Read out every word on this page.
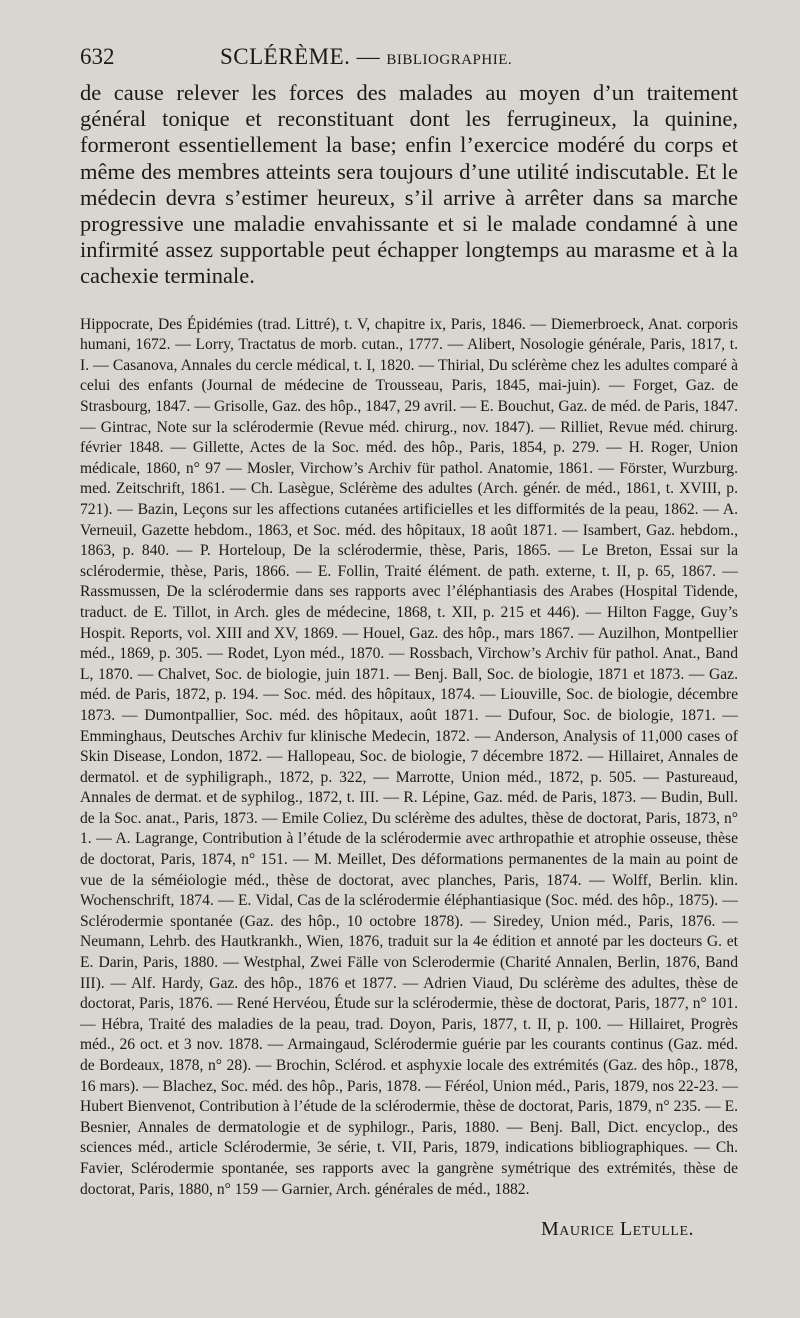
632	SCLÉRÈME. — BIBLIOGRAPHIE.

de cause relever les forces des malades au moyen d’un traitement général tonique et reconstituant dont les ferrugineux, la quinine, formeront essentiellement la base; enfin l’exercice modéré du corps et même des membres atteints sera toujours d’une utilité indiscutable. Et le médecin devra s’estimer heureux, s’il arrive à arrêter dans sa marche progressive une maladie envahissante et si le malade condamné à une infirmité assez supportable peut échapper longtemps au marasme et à la cachexie terminale.

Hippocrate, Des Épidémies (trad. Littré), t. V, chapitre ix, Paris, 1846. — Diemerbroeck, Anat. corporis humani, 1672. — Lorry, Tractatus de morb. cutan., 1777. — Alibert, Nosologie générale, Paris, 1817, t. I. — Casanova, Annales du cercle médical, t. I, 1820. — Thirial, Du sclérème chez les adultes comparé à celui des enfants (Journal de médecine de Trousseau, Paris, 1845, mai-juin). — Forget, Gaz. de Strasbourg, 1847. — Grisolle, Gaz. des hôp., 1847, 29 avril. — E. Bouchut, Gaz. de méd. de Paris, 1847. — Gintrac, Note sur la sclérodermie (Revue méd. chirurg., nov. 1847). — Rilliet, Revue méd. chirurg. février 1848. — Gillette, Actes de la Soc. méd. des hôp., Paris, 1854, p. 279. — H. Roger, Union médicale, 1860, n° 97 — Mosler, Virchow’s Archiv für pathol. Anatomie, 1861. — Förster, Wurzburg. med. Zeitschrift, 1861. — Ch. Lasègue, Sclérème des adultes (Arch. génér. de méd., 1861, t. XVIII, p. 721). — Bazin, Leçons sur les affections cutanées artificielles et les difformités de la peau, 1862. — A. Verneuil, Gazette hebdom., 1863, et Soc. méd. des hôpitaux, 18 août 1871. — Isambert, Gaz. hebdom., 1863, p. 840. — P. Horteloup, De la sclérodermie, thèse, Paris, 1865. — Le Breton, Essai sur la sclérodermie, thèse, Paris, 1866. — E. Follin, Traité élément. de path. externe, t. II, p. 65, 1867. — Rassmussen, De la sclérodermie dans ses rapports avec l’éléphantiasis des Arabes (Hospital Tidende, traduct. de E. Tillot, in Arch. gles de médecine, 1868, t. XII, p. 215 et 446). — Hilton Fagge, Guy’s Hospit. Reports, vol. XIII and XV, 1869. — Houel, Gaz. des hôp., mars 1867. — Auzilhon, Montpellier méd., 1869, p. 305. — Rodet, Lyon méd., 1870. — Rossbach, Virchow’s Archiv für pathol. Anat., Band L, 1870. — Chalvet, Soc. de biologie, juin 1871. — Benj. Ball, Soc. de biologie, 1871 et 1873. — Gaz. méd. de Paris, 1872, p. 194. — Soc. méd. des hôpitaux, 1874. — Liouville, Soc. de biologie, décembre 1873. — Dumontpallier, Soc. méd. des hôpitaux, août 1871. — Dufour, Soc. de biologie, 1871. — Emminghaus, Deutsches Archiv fur klinische Medecin, 1872. — Anderson, Analysis of 11,000 cases of Skin Disease, London, 1872. — Hallopeau, Soc. de biologie, 7 décembre 1872. — Hillairet, Annales de dermatol. et de syphiligraph., 1872, p. 322, — Marrotte, Union méd., 1872, p. 505. — Pastureaud, Annales de dermat. et de syphilog., 1872, t. III. — R. Lépine, Gaz. méd. de Paris, 1873. — Budin, Bull. de la Soc. anat., Paris, 1873. — Emile Coliez, Du sclérème des adultes, thèse de doctorat, Paris, 1873, n° 1. — A. Lagrange, Contribution à l’étude de la sclérodermie avec arthropathie et atrophie osseuse, thèse de doctorat, Paris, 1874, n° 151. — M. Meillet, Des déformations permanentes de la main au point de vue de la séméiologie méd., thèse de doctorat, avec planches, Paris, 1874. — Wolff, Berlin. klin. Wochenschrift, 1874. — E. Vidal, Cas de la sclérodermie éléphantiasique (Soc. méd. des hôp., 1875). — Sclérodermie spontanée (Gaz. des hôp., 10 octobre 1878). — Siredey, Union méd., Paris, 1876. — Neumann, Lehrb. des Hautkrankh., Wien, 1876, traduit sur la 4e édition et annoté par les docteurs G. et E. Darin, Paris, 1880. — Westphal, Zwei Fälle von Sclerodermie (Charité Annalen, Berlin, 1876, Band III). — Alf. Hardy, Gaz. des hôp., 1876 et 1877. — Adrien Viaud, Du sclérème des adultes, thèse de doctorat, Paris, 1876. — René Hervéou, Étude sur la sclérodermie, thèse de doctorat, Paris, 1877, n° 101. — Hébra, Traité des maladies de la peau, trad. Doyon, Paris, 1877, t. II, p. 100. — Hillairet, Progrès méd., 26 oct. et 3 nov. 1878. — Armaingaud, Sclérodermie guérie par les courants continus (Gaz. méd. de Bordeaux, 1878, n° 28). — Brochin, Sclérod. et asphyxie locale des extrémités (Gaz. des hôp., 1878, 16 mars). — Blachez, Soc. méd. des hôp., Paris, 1878. — Féréol, Union méd., Paris, 1879, nos 22-23. — Hubert Bienvenot, Contribution à l’étude de la sclérodermie, thèse de doctorat, Paris, 1879, n° 235. — E. Besnier, Annales de dermatologie et de syphilogr., Paris, 1880. — Benj. Ball, Dict. encyclop., des sciences méd., article Sclérodermie, 3e série, t. VII, Paris, 1879, indications bibliographiques. — Ch. Favier, Sclérodermie spontanée, ses rapports avec la gangrène symétrique des extrémités, thèse de doctorat, Paris, 1880, n° 159 — Garnier, Arch. générales de méd., 1882.

Maurice Letulle.
